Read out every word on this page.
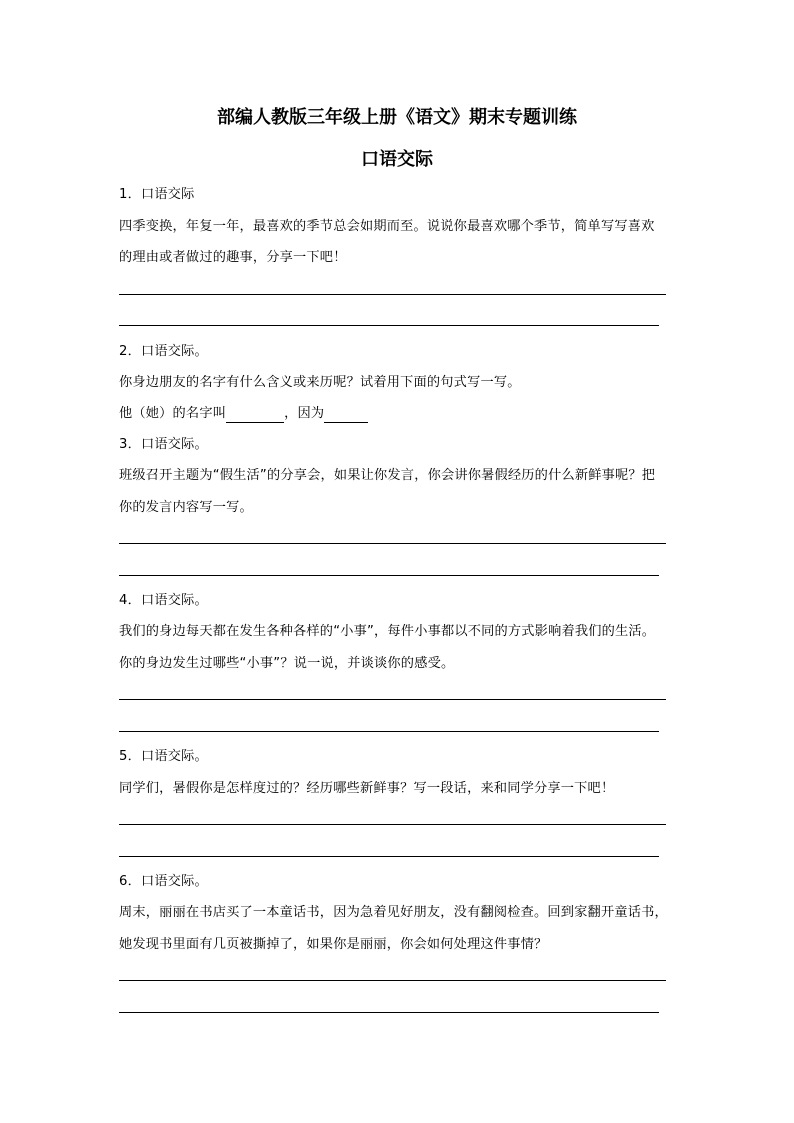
部编人教版三年级上册《语文》期末专题训练
口语交际
1．口语交际
四季变换，年复一年，最喜欢的季节总会如期而至。说说你最喜欢哪个季节，简单写写喜欢
的理由或者做过的趣事，分享一下吧！
2．口语交际。
你身边朋友的名字有什么含义或来历呢？试着用下面的句式写一写。
他（她）的名字叫	，因为
3．口语交际。
班级召开主题为“假生活”的分享会，如果让你发言，你会讲你暑假经历的什么新鲜事呢？把
你的发言内容写一写。
4．口语交际。
我们的身边每天都在发生各种各样的“小事”，每件小事都以不同的方式影响着我们的生活。
你的身边发生过哪些“小事”？说一说，并谈谈你的感受。
5．口语交际。
同学们，暑假你是怎样度过的？经历哪些新鲜事？写一段话，来和同学分享一下吧！
6．口语交际。
周末，丽丽在书店买了一本童话书，因为急着见好朋友，没有翻阅检查。回到家翻开童话书，
她发现书里面有几页被撕掉了，如果你是丽丽，你会如何处理这件事情？
